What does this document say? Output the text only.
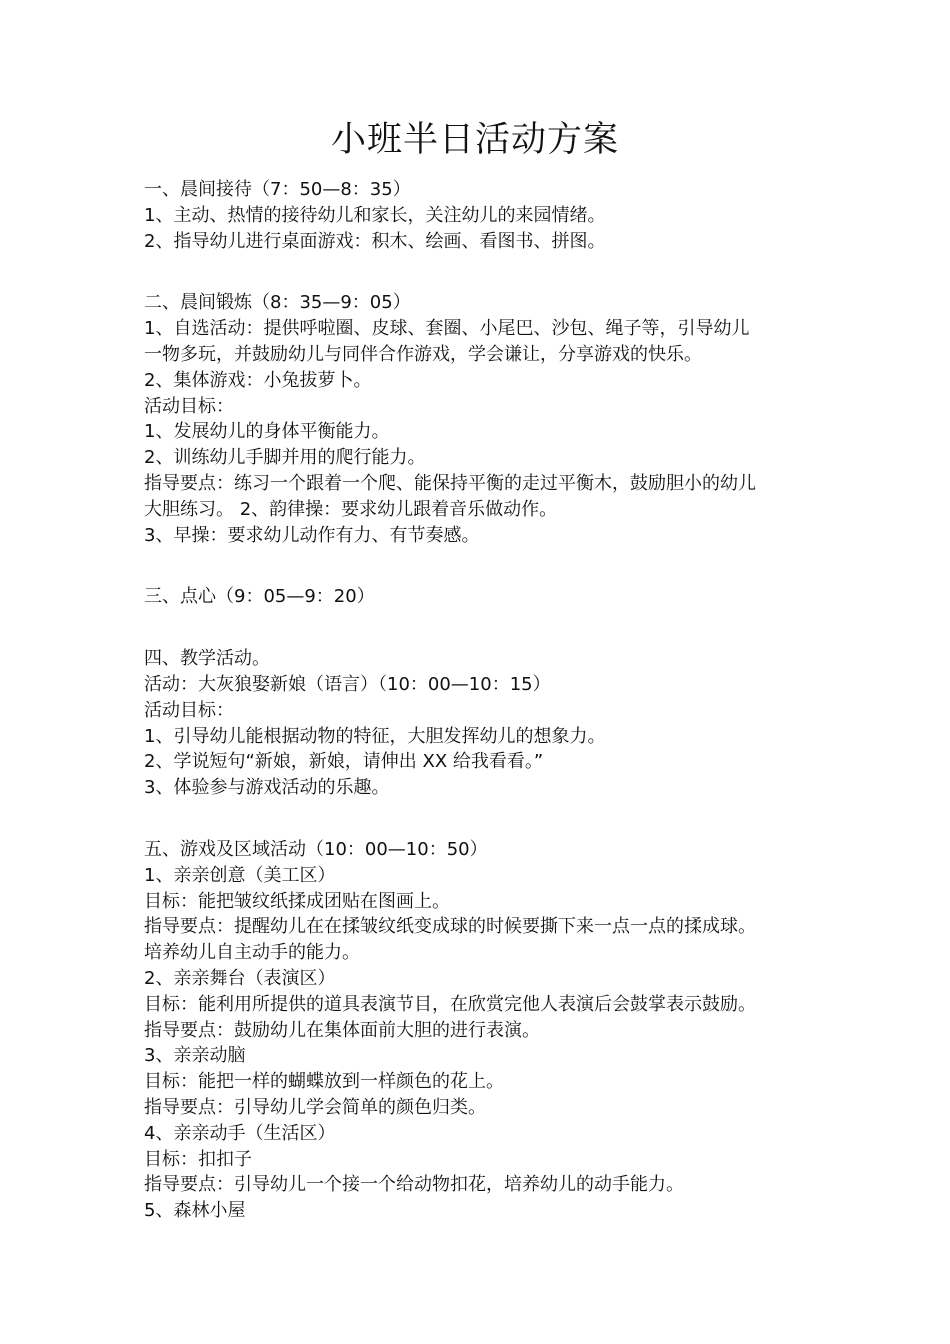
小班半日活动方案

一、晨间接待（7：50—8：35）

1、主动、热情的接待幼儿和家长，关注幼儿的来园情绪。

2、指导幼儿进行桌面游戏：积木、绘画、看图书、拼图。

二、晨间锻炼（8：35—9：05）

1、自选活动：提供呼啦圈、皮球、套圈、小尾巴、沙包、绳子等，引导幼儿

一物多玩，并鼓励幼儿与同伴合作游戏，学会谦让，分享游戏的快乐。

2、集体游戏：小兔拔萝卜。

活动目标：

1、发展幼儿的身体平衡能力。

2、训练幼儿手脚并用的爬行能力。

指导要点：练习一个跟着一个爬、能保持平衡的走过平衡木，鼓励胆小的幼儿

大胆练习。 2、韵律操：要求幼儿跟着音乐做动作。

3、早操：要求幼儿动作有力、有节奏感。

三、点心（9：05—9：20）

四、教学活动。

活动：大灰狼娶新娘（语言）（10：00—10：15）

活动目标：

1、引导幼儿能根据动物的特征，大胆发挥幼儿的想象力。

2、学说短句“新娘，新娘，请伸出 XX 给我看看。”

3、体验参与游戏活动的乐趣。

五、游戏及区域活动（10：00—10：50）

1、亲亲创意（美工区）

目标：能把皱纹纸揉成团贴在图画上。

指导要点：提醒幼儿在在揉皱纹纸变成球的时候要撕下来一点一点的揉成球。

培养幼儿自主动手的能力。

2、亲亲舞台（表演区）

目标：能利用所提供的道具表演节目，在欣赏完他人表演后会鼓掌表示鼓励。

指导要点：鼓励幼儿在集体面前大胆的进行表演。

3、亲亲动脑

目标：能把一样的蝴蝶放到一样颜色的花上。

指导要点：引导幼儿学会简单的颜色归类。

4、亲亲动手（生活区）

目标：扣扣子

指导要点：引导幼儿一个接一个给动物扣花，培养幼儿的动手能力。

5、森林小屋
